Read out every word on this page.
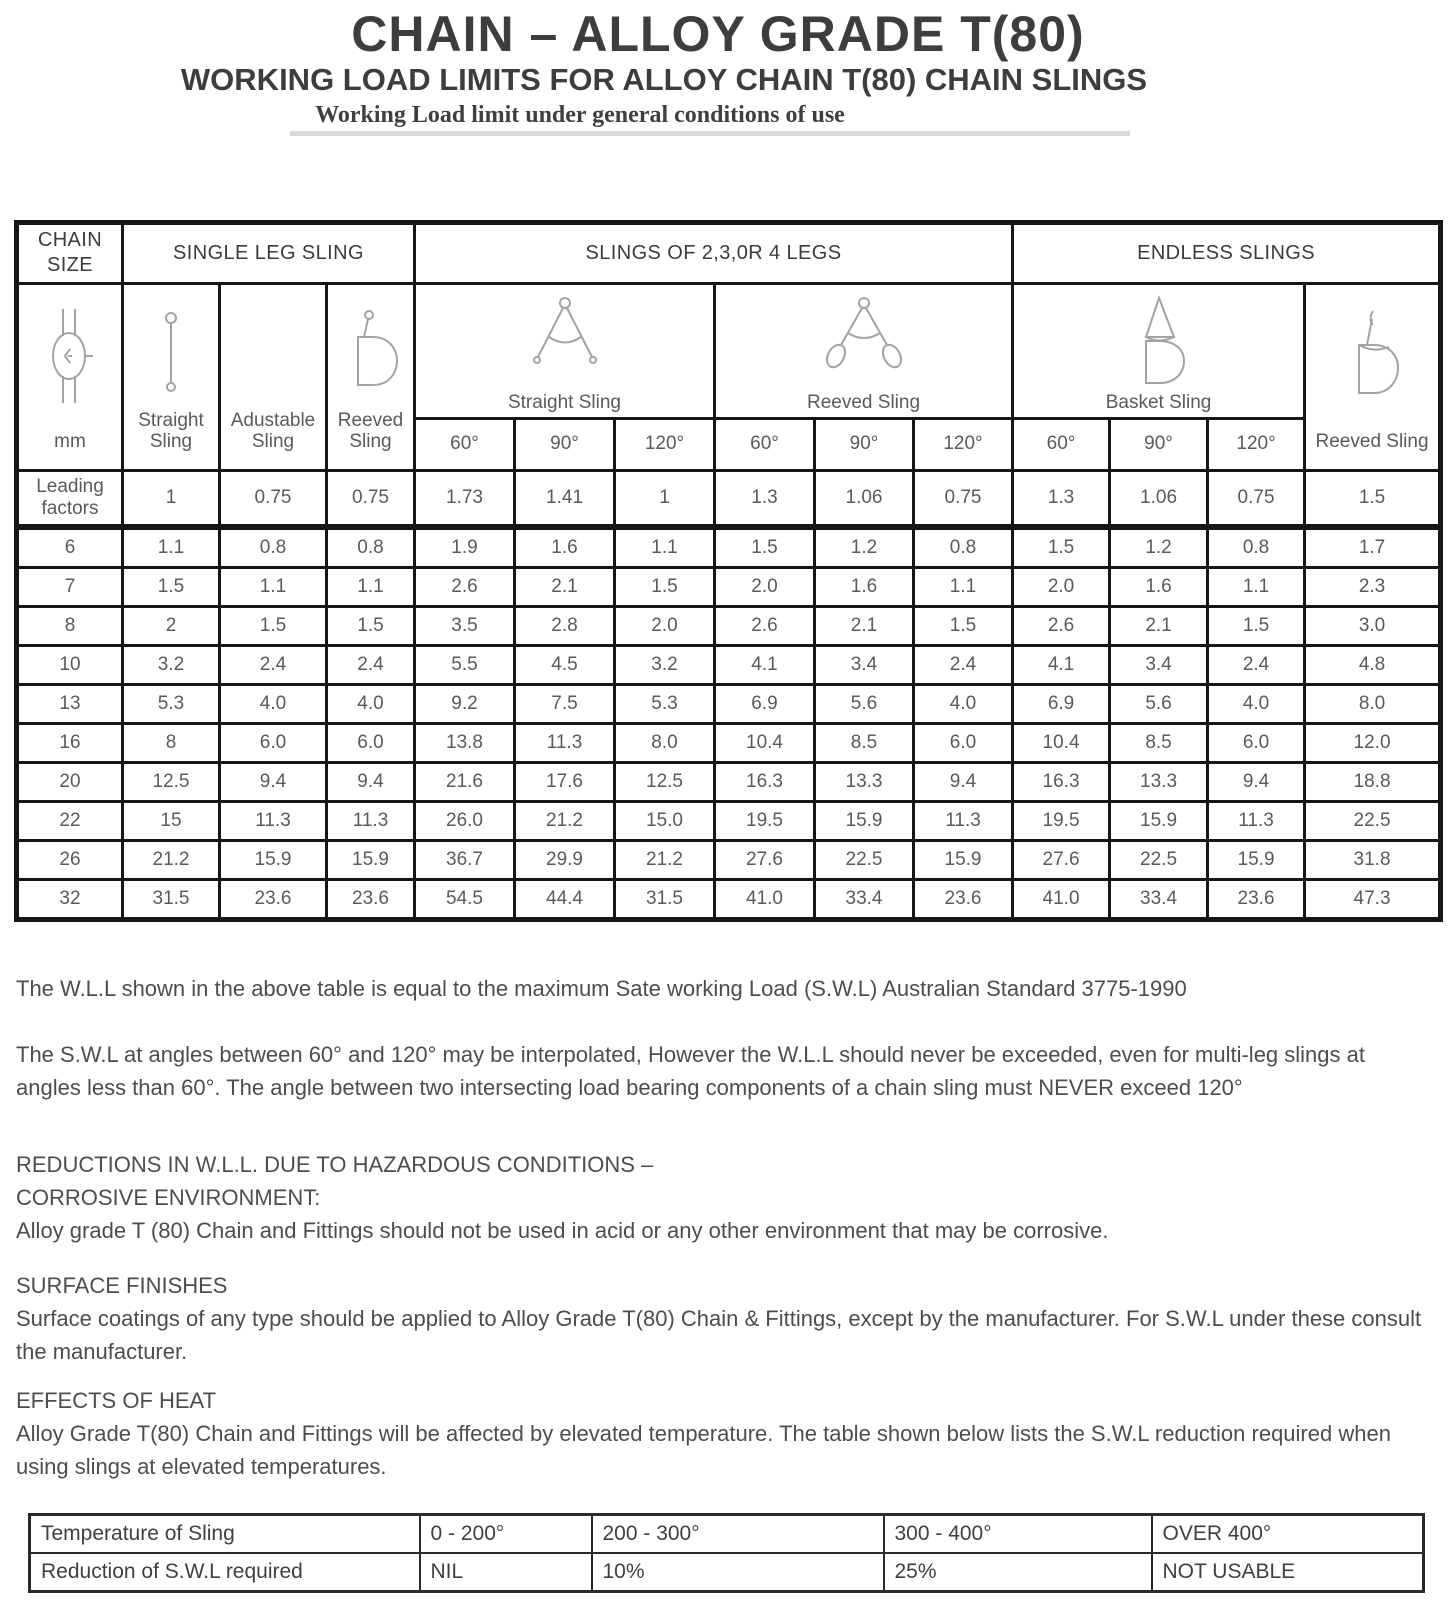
CHAIN – ALLOY GRADE T(80)
WORKING LOAD LIMITS FOR ALLOY CHAIN T(80) CHAIN SLINGS
Working Load limit under general conditions of use
CHAIN SIZE	SINGLE LEG SLING			SLINGS OF 2,3,0R 4 LEGS						ENDLESS SLINGS			

mm	Straight Sling	Adustable Sling	Reeved Sling	Straight Sling			Reeved Sling			Basket Sling			Reeved Sling

				60°	90°	120°	60°	90°	120°	60°	90°	120°	
Leading factors	1	0.75	0.75	1.73	1.41	1	1.3	1.06	0.75	1.3	1.06	0.75	1.5
6	1.1	0.8	0.8	1.9	1.6	1.1	1.5	1.2	0.8	1.5	1.2	0.8	1.7
7	1.5	1.1	1.1	2.6	2.1	1.5	2.0	1.6	1.1	2.0	1.6	1.1	2.3
8	2	1.5	1.5	3.5	2.8	2.0	2.6	2.1	1.5	2.6	2.1	1.5	3.0
10	3.2	2.4	2.4	5.5	4.5	3.2	4.1	3.4	2.4	4.1	3.4	2.4	4.8
13	5.3	4.0	4.0	9.2	7.5	5.3	6.9	5.6	4.0	6.9	5.6	4.0	8.0
16	8	6.0	6.0	13.8	11.3	8.0	10.4	8.5	6.0	10.4	8.5	6.0	12.0
20	12.5	9.4	9.4	21.6	17.6	12.5	16.3	13.3	9.4	16.3	13.3	9.4	18.8
22	15	11.3	11.3	26.0	21.2	15.0	19.5	15.9	11.3	19.5	15.9	11.3	22.5
26	21.2	15.9	15.9	36.7	29.9	21.2	27.6	22.5	15.9	27.6	22.5	15.9	31.8
32	31.5	23.6	23.6	54.5	44.4	31.5	41.0	33.4	23.6	41.0	33.4	23.6	47.3

The W.L.L shown in the above table is equal to the maximum Sate working Load (S.W.L) Australian Standard 3775-1990

The S.W.L at angles between 60° and 120° may be interpolated, However the W.L.L should never be exceeded, even for multi-leg slings at angles less than 60°. The angle between two intersecting load bearing components of a chain sling must NEVER exceed 120°

REDUCTIONS IN W.L.L. DUE TO HAZARDOUS CONDITIONS –

CORROSIVE ENVIRONMENT:

Alloy grade T (80) Chain and Fittings should not be used in acid or any other environment that may be corrosive.

SURFACE FINISHES

Surface coatings of any type should be applied to Alloy Grade T(80) Chain & Fittings, except by the manufacturer. For S.W.L under these consult the manufacturer.

EFFECTS OF HEAT

Alloy Grade T(80) Chain and Fittings will be affected by elevated temperature. The table shown below lists the S.W.L reduction required when using slings at elevated temperatures.

Temperature of Sling	0 - 200°	200 - 300°	300 - 400°	OVER 400°
Reduction of S.W.L required	NIL	10%	25%	NOT USABLE
